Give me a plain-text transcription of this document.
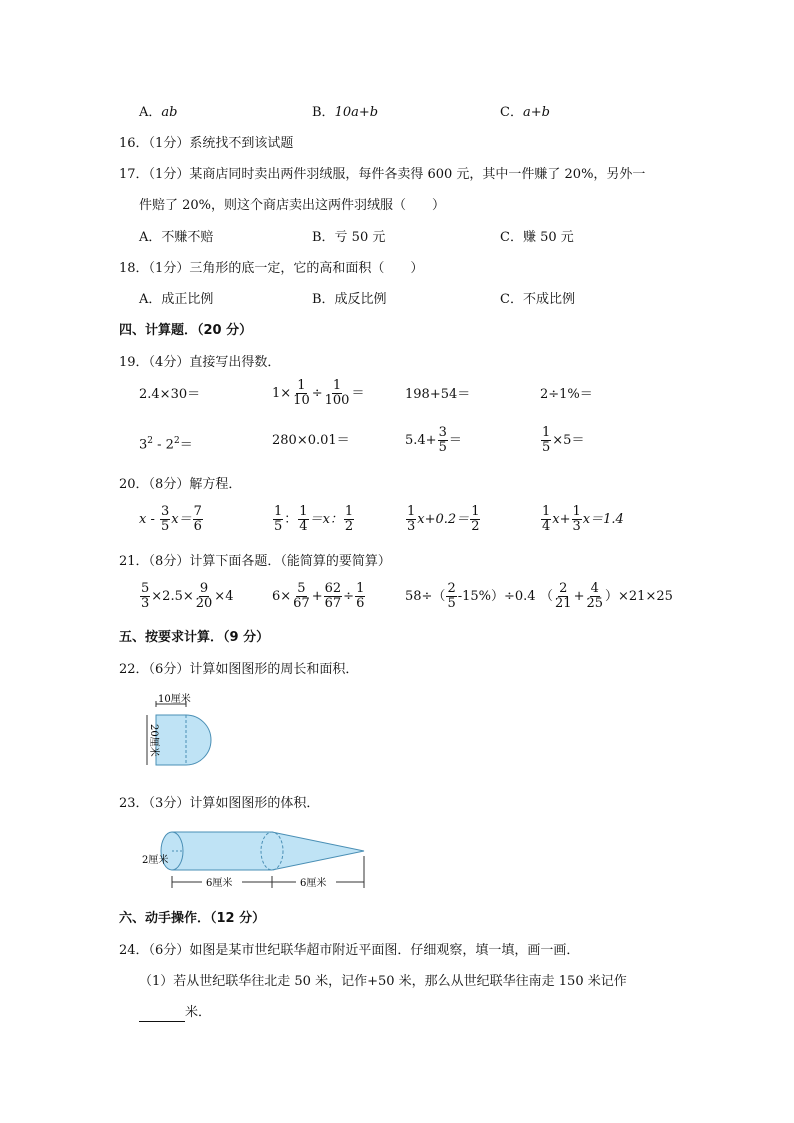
A．ab	B．10a+b	C．a+b
16．（1分）系统找不到该试题
17．（1分）某商店同时卖出两件羽绒服，每件各卖得 600 元，其中一件赚了 20%，另外一
件赔了 20%，则这个商店卖出这两件羽绒服（　　）
A．不赚不赔	B．亏 50 元	C．赚 50 元
18．（1分）三角形的底一定，它的高和面积（　　）
A．成正比例	B．成反比例	C．不成比例
四、计算题．（20 分）
19．（4分）直接写出得数．
2.4×30＝	$1\times \frac{1}{10} \div \frac{1}{100}$ ＝	198+54＝	2÷1%＝
$3^2 - 2^2=$	280×0.01＝	$5.4+ \frac{3}{5}$ ＝	$\frac{1}{5} \times 5=$
20．（8分）解方程．
$x - \frac{3}{5} x= \frac{7}{6}$	$\frac{1}{5}$ ： $\frac{1}{4} =x$： $\frac{1}{2}$	$\frac{1}{3} x+0.2= \frac{1}{2}$	$\frac{1}{4} x+ \frac{1}{3} x=1.4$
21．（8分）计算下面各题．（能简算的要简算）
$\frac{5}{3} \times 2.5\times \frac{9}{20} \times 4$	$6\times \frac{5}{67} + \frac{62}{67} \div \frac{1}{6}$	$58\div( \frac{2}{5} -15\%)\div 0.4$ （ $\frac{2}{21} + \frac{4}{25} )\times 21\times 25$
五、按要求计算．（9 分）
22．（6分）计算如图图形的周长和面积．
10厘米
20厘米
23．（3分）计算如图图形的体积．
2厘米
6厘米	6厘米
六、动手操作．（12 分）
24．（6分）如图是某市世纪联华超市附近平面图．仔细观察，填一填，画一画．
（1）若从世纪联华往北走 50 米，记作+50 米，那么从世纪联华往南走 150 米记作
米．
